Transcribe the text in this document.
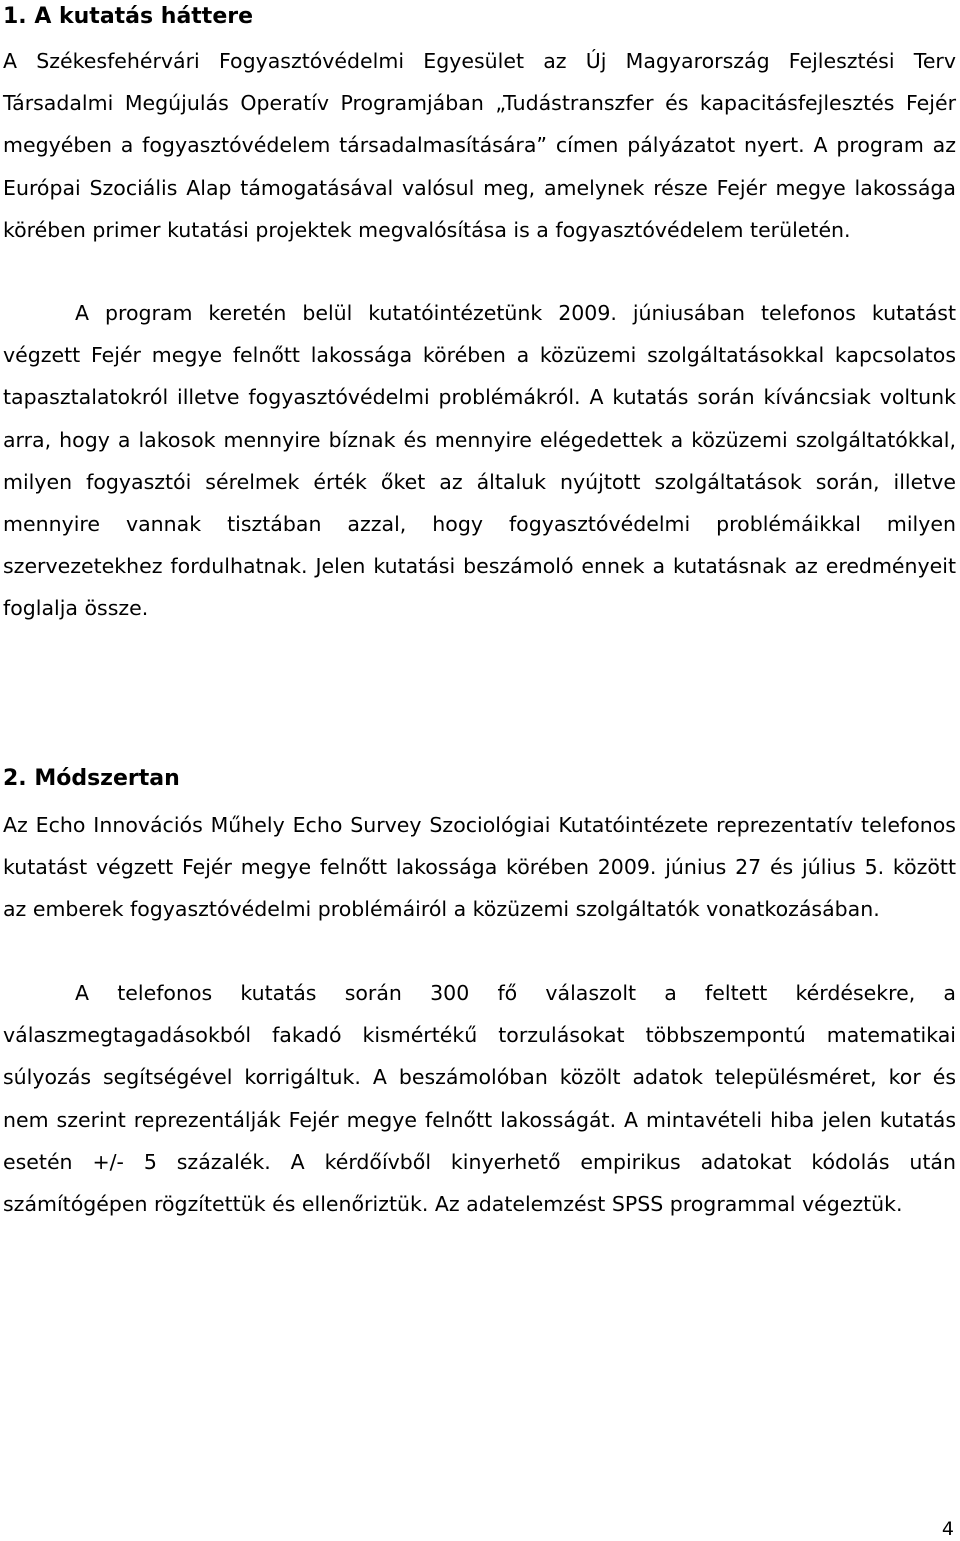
1. A kutatás háttere

A Székesfehérvári Fogyasztóvédelmi Egyesület az Új Magyarország Fejlesztési Terv Társadalmi Megújulás Operatív Programjában „Tudástranszfer és kapacitásfejlesztés Fejér megyében a fogyasztóvédelem társadalmasítására” címen pályázatot nyert. A program az Európai Szociális Alap támogatásával valósul meg, amelynek része Fejér megye lakossága körében primer kutatási projektek megvalósítása is a fogyasztóvédelem területén.

A program keretén belül kutatóintézetünk 2009. júniusában telefonos kutatást végzett Fejér megye felnőtt lakossága körében a közüzemi szolgáltatásokkal kapcsolatos tapasztalatokról illetve fogyasztóvédelmi problémákról. A kutatás során kíváncsiak voltunk arra, hogy a lakosok mennyire bíznak és mennyire elégedettek a közüzemi szolgáltatókkal, milyen fogyasztói sérelmek érték őket az általuk nyújtott szolgáltatások során, illetve mennyire vannak tisztában azzal, hogy fogyasztóvédelmi problémáikkal milyen szervezetekhez fordulhatnak. Jelen kutatási beszámoló ennek a kutatásnak az eredményeit foglalja össze.

2. Módszertan

Az Echo Innovációs Műhely Echo Survey Szociológiai Kutatóintézete reprezentatív telefonos kutatást végzett Fejér megye felnőtt lakossága körében 2009. június 27 és július 5. között az emberek fogyasztóvédelmi problémáiról a közüzemi szolgáltatók vonatkozásában.

A telefonos kutatás során 300 fő válaszolt a feltett kérdésekre, a válaszmegtagadásokból fakadó kismértékű torzulásokat többszempontú matematikai súlyozás segítségével korrigáltuk. A beszámolóban közölt adatok településméret, kor és nem szerint reprezentálják Fejér megye felnőtt lakosságát. A mintavételi hiba jelen kutatás esetén +/- 5 százalék. A kérdőívből kinyerhető empirikus adatokat kódolás után számítógépen rögzítettük és ellenőriztük. Az adatelemzést SPSS programmal végeztük.

4
